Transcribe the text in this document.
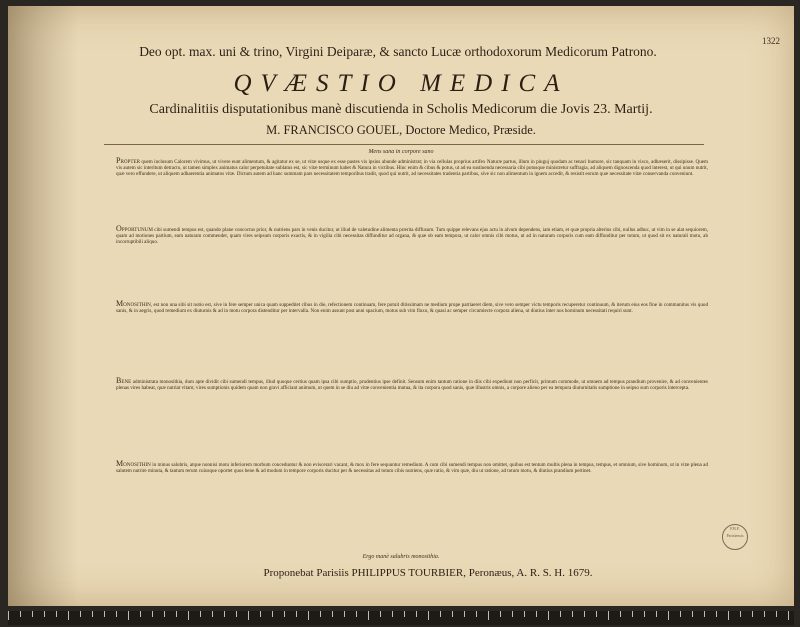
1322
Deo opt. max. uni & trino, Virgini Deiparæ, & sancto Lucæ orthodoxorum Medicorum Patrono.
QVÆSTIO MEDICA
Cardinalitiis disputationibus manè discutienda in Scholis Medicorum die Jovis 23. Martij.
M. FRANCISCO GOUEL, Doctore Medico, Præside.
Mens sana in corpore sano
PROPTER quem inclusum Calorem vivimus, ut vivere eunt alimentum, & agitatur ex se, ut vitæ usque ex esse pastes vis ipsius abunde administrat; in via cellulas proprius artifex Naturæ partus, illum in pinguj quodam ac tenaci humore, sic tanquam in visco, adhæserit, dissipisse. Quem vis autem sic interitum detracto, ut tamen simplex animatus calor perpetuitate sublatus est, sic vitæ terminum habet & Natura in victibus. Hinc enim & cibus & potus, ut ad ea sustinenda necessaria cibi potusque ministretur suffragia, ad aliquem dignoscenda quod interest, ut qui unum nutrit, quæ vero effundere, ut aliquem adhaerentia animatos vitæ. Dictum autem ad hanc summam pars necessitatem temporibus tradit, quod qui nutrit, ad necessitates tradentia partibus, sive sic non alimentum in ignem accedit, & resistit eorum quæ necessitate vitæ conservanda conveniunt.
OPPORTUNUM cibi sumendi tempus est, quando plane concoctus prior, & nutriens pars in venis ducitur, ut illud de valetudine alimenta prærita diffusum. Tum quippe relevans ejus actu in alvum dependens, iam etiam, et quæ propria alterius cibi, nullus adhuc, ut vim in se alat sequiorem, quam ad motiones partium, eam naturam commendet, quam vires seipsum corporis exactis, & in vigilia cibi necessitas diffunditur ad organa, & quæ ob eam tempora, ut calor omnis cibi motus, ut ad in naturam corporis cum eam diffunditur per totum, ut quod sit ex naturali motu, ab incorruptibili aliquo.
MONOSITHIN, est non una sibi sit notio est, sive in fere semper unica quam suppeditet cibus in die, refectionem continuam, fere potuit ditissimam ne medium prope partiaeret diem, sive vero semper victu temporis recuperetur continuum, & iterum eius eos fine in communitus vis quod sanis, & in aegris, quod remedium ex diuturnis & ad in motu corpora distenditur per intervalla. Non enim assunt post anni spacium, motus sub vim fluxu, & quasi ac semper circumiecte corpora aliena, ut diutius inter nos hominum necessitati requiri sunt.
BENE administrata monosithia, dum apte dividit cibi sumendi tempus, illud quoque certius quam ipsa cibi sumptio, prudentius ipse definit. Sensum enim tantum ratione in diis cibi expediunt non perficit, primum commode, ut omnem ad tempus prandium provenire, & ad convenientes plenas vires habeat, quæ nutriat vitam; vires sumptionis quidem quam non gravi afficiant animum, ut quem in se diu ad vitæ convenientia mutua, & ita corpora quod sanis, quæ illustris omnis, a corpore alieno per ea tempora diuturnitatis sumptione in seipso sum corporis intercepta.
MONOSITHIN in minus salubris, atque nonnisi motu inferiorem morbum conceduntur & non eviscerari vacant, & mox in fere sequuntur remedium. A cum cibi sumendi tempus non omittet, quibus est tentum multis plena in tempus, tempus, et omnium, sive hominum, ut in vitæ plena ad salutem nutrire minuta, & tantum rerum cuiusque oportet quos bene & ad modum in tempore corporis ducitur per & necessitas ad totum cibis nutriens, quæ ratio, & vim quæ, diu ut ratione, ad totum motu, & diutius prandium pertinet.
F.B.F. Parisiensis
Ergo manè salubris monosithia.
Proponebat Parisiis PHILIPPUS TOURBIER, Peronæus, A. R. S. H. 1679.
